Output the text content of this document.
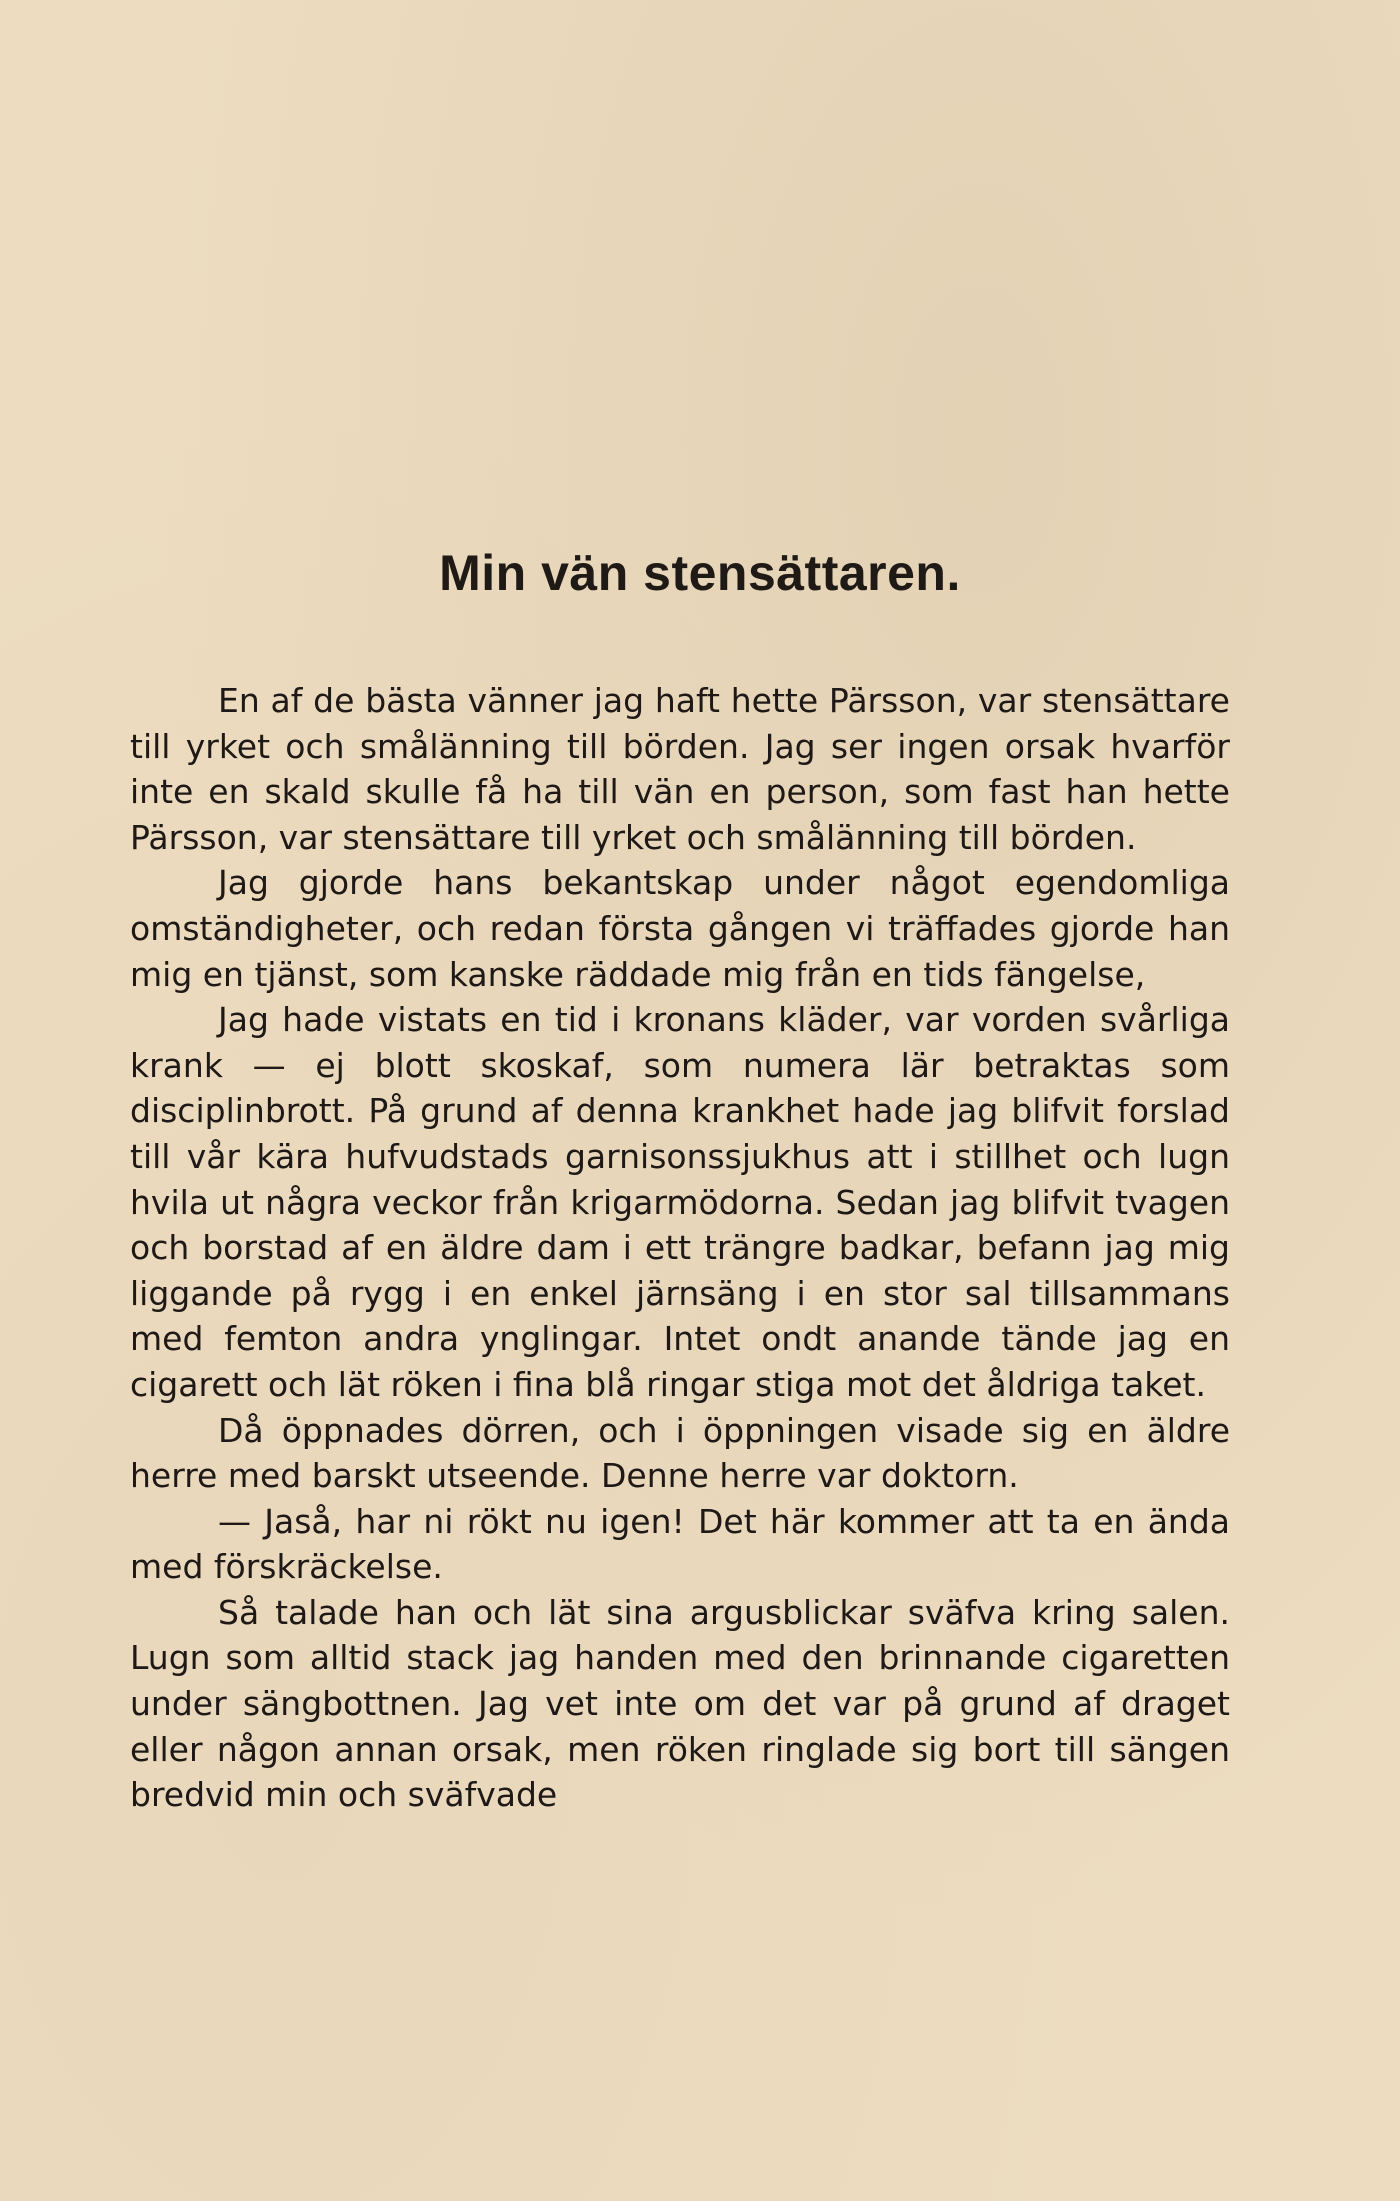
Min vän stensättaren.

En af de bästa vänner jag haft hette Pärsson, var stensättare till yrket och smålänning till börden. Jag ser ingen orsak hvarför inte en skald skulle få ha till vän en person, som fast han hette Pärsson, var stensättare till yrket och smålänning till börden.

Jag gjorde hans bekantskap under något egendomliga omständigheter, och redan första gången vi träffades gjorde han mig en tjänst, som kanske räddade mig från en tids fängelse,

Jag hade vistats en tid i kronans kläder, var vorden svårliga krank — ej blott skoskaf, som numera lär betraktas som disciplinbrott. På grund af denna krankhet hade jag blifvit forslad till vår kära hufvudstads garnisonssjukhus att i stillhet och lugn hvila ut några veckor från krigarmödorna. Sedan jag blifvit tvagen och borstad af en äldre dam i ett trängre badkar, befann jag mig liggande på rygg i en enkel järnsäng i en stor sal tillsammans med femton andra ynglingar. Intet ondt anande tände jag en cigarett och lät röken i fina blå ringar stiga mot det åldriga taket.

Då öppnades dörren, och i öppningen visade sig en äldre herre med barskt utseende. Denne herre var doktorn.

— Jaså, har ni rökt nu igen! Det här kommer att ta en ända med förskräckelse.

Så talade han och lät sina argusblickar sväfva kring salen. Lugn som alltid stack jag handen med den brinnande cigaretten under sängbottnen. Jag vet inte om det var på grund af draget eller någon annan orsak, men röken ringlade sig bort till sängen bredvid min och sväfvade
